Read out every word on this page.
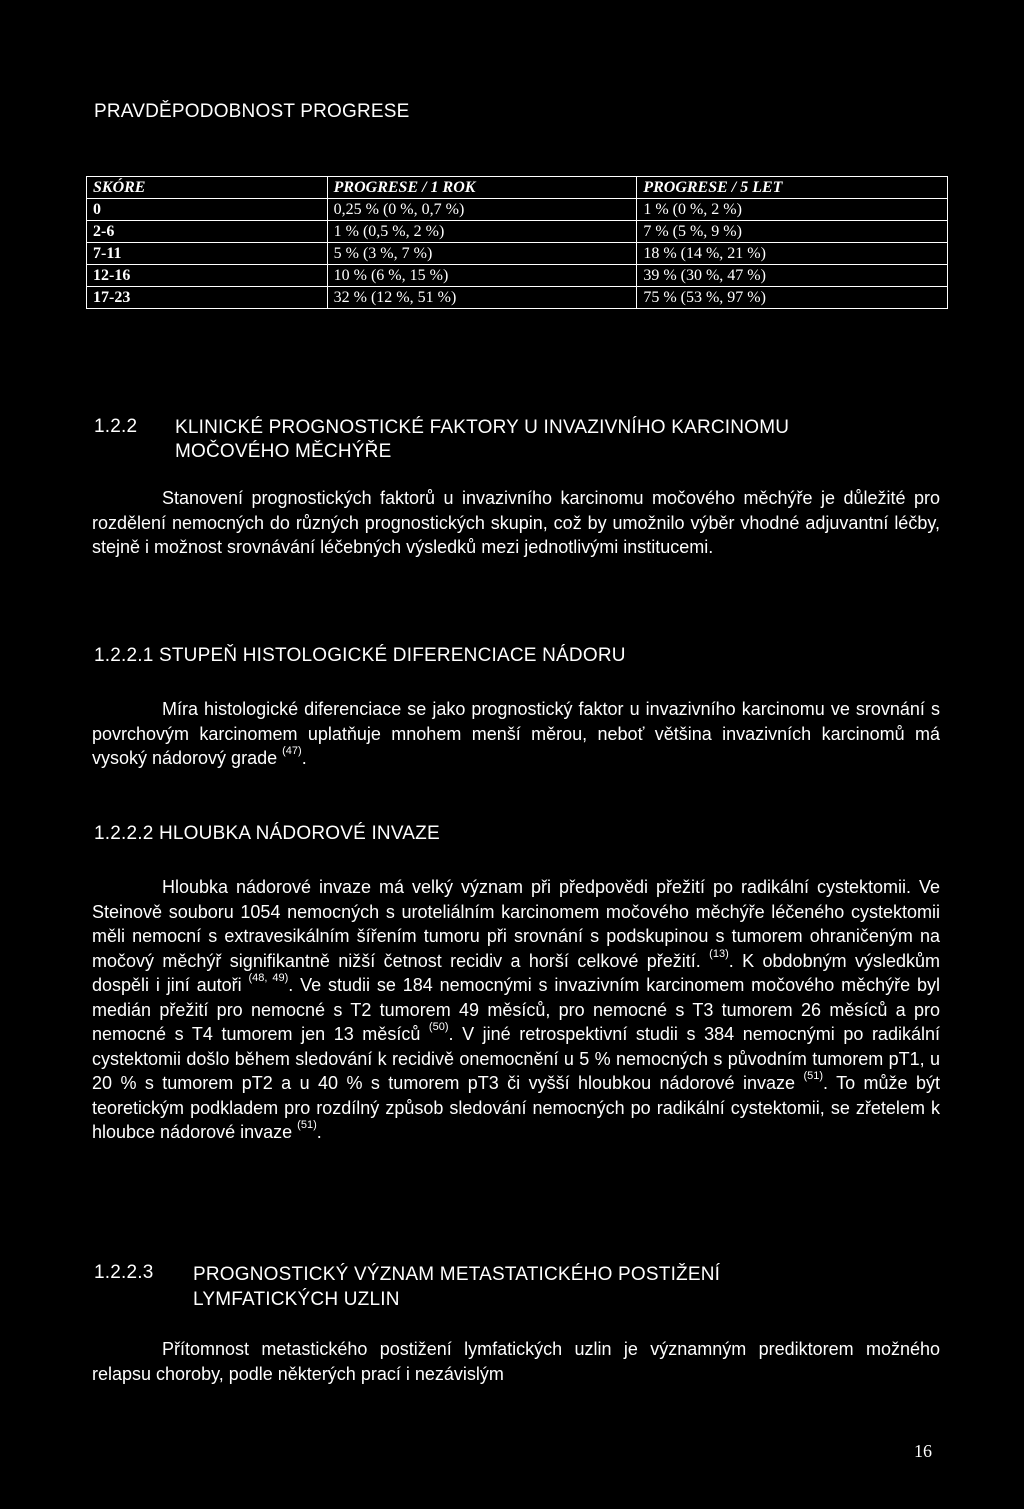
PRAVDĚPODOBNOST PROGRESE
SKÓRE	PROGRESE / 1 ROK	PROGRESE / 5 LET
0	0,25 % (0 %, 0,7 %)	1 % (0 %, 2 %)
2-6	1 % (0,5 %, 2 %)	7 % (5 %, 9 %)
7-11	5 % (3 %, 7 %)	18 % (14 %, 21 %)
12-16	10 % (6 %, 15 %)	39 % (30 %, 47 %)
17-23	32 % (12 %, 51 %)	75 % (53 %, 97 %)
1.2.2 KLINICKÉ PROGNOSTICKÉ FAKTORY U INVAZIVNÍHO KARCINOMU
MOČOVÉHO MĚCHÝŘE

Stanovení prognostických faktorů u invazivního karcinomu močového měchýře je důležité pro rozdělení nemocných do různých prognostických skupin, což by umožnilo výběr vhodné adjuvantní léčby, stejně i možnost srovnávání léčebných výsledků mezi jednotlivými institucemi.

1.2.2.1 STUPEŇ HISTOLOGICKÉ DIFERENCIACE NÁDORU

Míra histologické diferenciace se jako prognostický faktor u invazivního karcinomu ve srovnání s povrchovým karcinomem uplatňuje mnohem menší měrou, neboť většina invazivních karcinomů má vysoký nádorový grade $^{(47)}$.

1.2.2.2 HLOUBKA NÁDOROVÉ INVAZE

Hloubka nádorové invaze má velký význam při předpovědi přežití po radikální cystektomii. Ve Steinově souboru 1054 nemocných s uroteliálním karcinomem močového měchýře léčeného cystektomii měli nemocní s extravesikálním šířením tumoru při srovnání s podskupinou s tumorem ohraničeným na močový měchýř signifikantně nižší četnost recidiv a horší celkové přežití. $^{(13)}$. K obdobným výsledkům dospěli i jiní autoři $^{(48, 49)}$. Ve studii se 184 nemocnými s invazivním karcinomem močového měchýře byl medián přežití pro nemocné s T2 tumorem 49 měsíců, pro nemocné s T3 tumorem 26 měsíců a pro nemocné s T4 tumorem jen 13 měsíců $^{(50)}$. V jiné retrospektivní studii s 384 nemocnými po radikální cystektomii došlo během sledování k recidivě onemocnění u 5 % nemocných s původním tumorem pT1, u 20 % s tumorem pT2 a u 40 % s tumorem pT3 či vyšší hloubkou nádorové invaze $^{(51)}$. To může být teoretickým podkladem pro rozdílný způsob sledování nemocných po radikální cystektomii, se zřetelem k hloubce nádorové invaze $^{(51)}$.

1.2.2.3 PROGNOSTICKÝ VÝZNAM METASTATICKÉHO POSTIŽENÍ
LYMFATICKÝCH UZLIN

Přítomnost metastického postižení lymfatických uzlin je významným prediktorem možného relapsu choroby, podle některých prací i nezávislým

16
